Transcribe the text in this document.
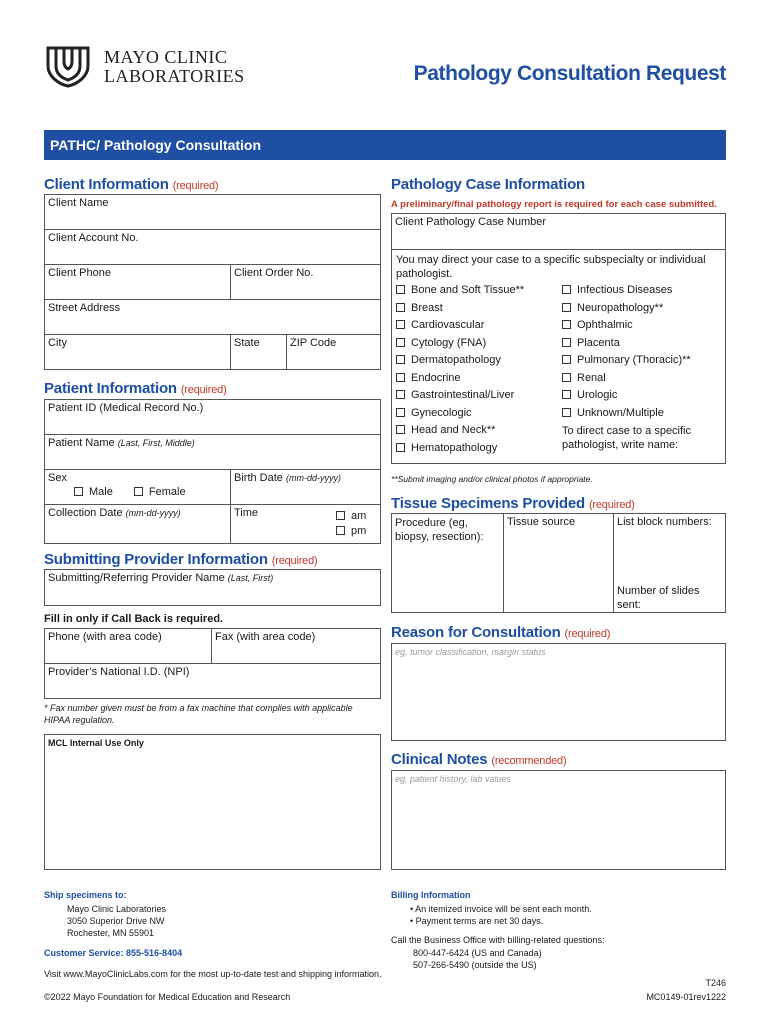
MAYO CLINIC
LABORATORIES	Pathology Consultation Request
PATHC/ Pathology Consultation
Client Information (required)
Client Name
Client Account No.
Client Phone	Client Order No.
Street Address
City	State	ZIP Code
Patient Information (required)
Patient ID (Medical Record No.)
Patient Name (Last, First, Middle)
Sex
Male	Female
Birth Date (mm-dd-yyyy)
Collection Date (mm-dd-yyyy)	Time	am
pm
Submitting Provider Information (required)
Submitting/Referring Provider Name (Last, First)
Fill in only if Call Back is required.
Phone (with area code)	Fax (with area code)
Provider’s National I.D. (NPI)
* Fax number given must be from a fax machine that complies with applicable HIPAA regulation.
MCL Internal Use Only
Pathology Case Information
A preliminary/final pathology report is required for each case submitted.
Client Pathology Case Number
You may direct your case to a specific subspecialty or individual pathologist.
Bone and Soft Tissue**
Breast
Cardiovascular
Cytology (FNA)
Dermatopathology
Endocrine
Gastrointestinal/Liver
Gynecologic
Head and Neck**
Hematopathology
Infectious Diseases
Neuropathology**
Ophthalmic
Placenta
Pulmonary (Thoracic)**
Renal
Urologic
Unknown/Multiple
To direct case to a specific pathologist, write name:
**Submit imaging and/or clinical photos if appropriate.
Tissue Specimens Provided (required)
Procedure (eg, biopsy, resection):
Tissue source	List block numbers:
Number of slides sent:
Reason for Consultation (required)
eg, tumor classification, margin status
Clinical Notes (recommended)
eg, patient history, lab values
Ship specimens to:
Mayo Clinic Laboratories
3050 Superior Drive NW
Rochester, MN 55901
Customer Service: 855-516-8404
Visit www.MayoClinicLabs.com for the most up-to-date test and shipping information.
©2022 Mayo Foundation for Medical Education and Research
Billing Information
• An itemized invoice will be sent each month.
• Payment terms are net 30 days.
Call the Business Office with billing-related questions:
800-447-6424 (US and Canada)
507-266-5490 (outside the US)
T246
MC0149-01rev1222
